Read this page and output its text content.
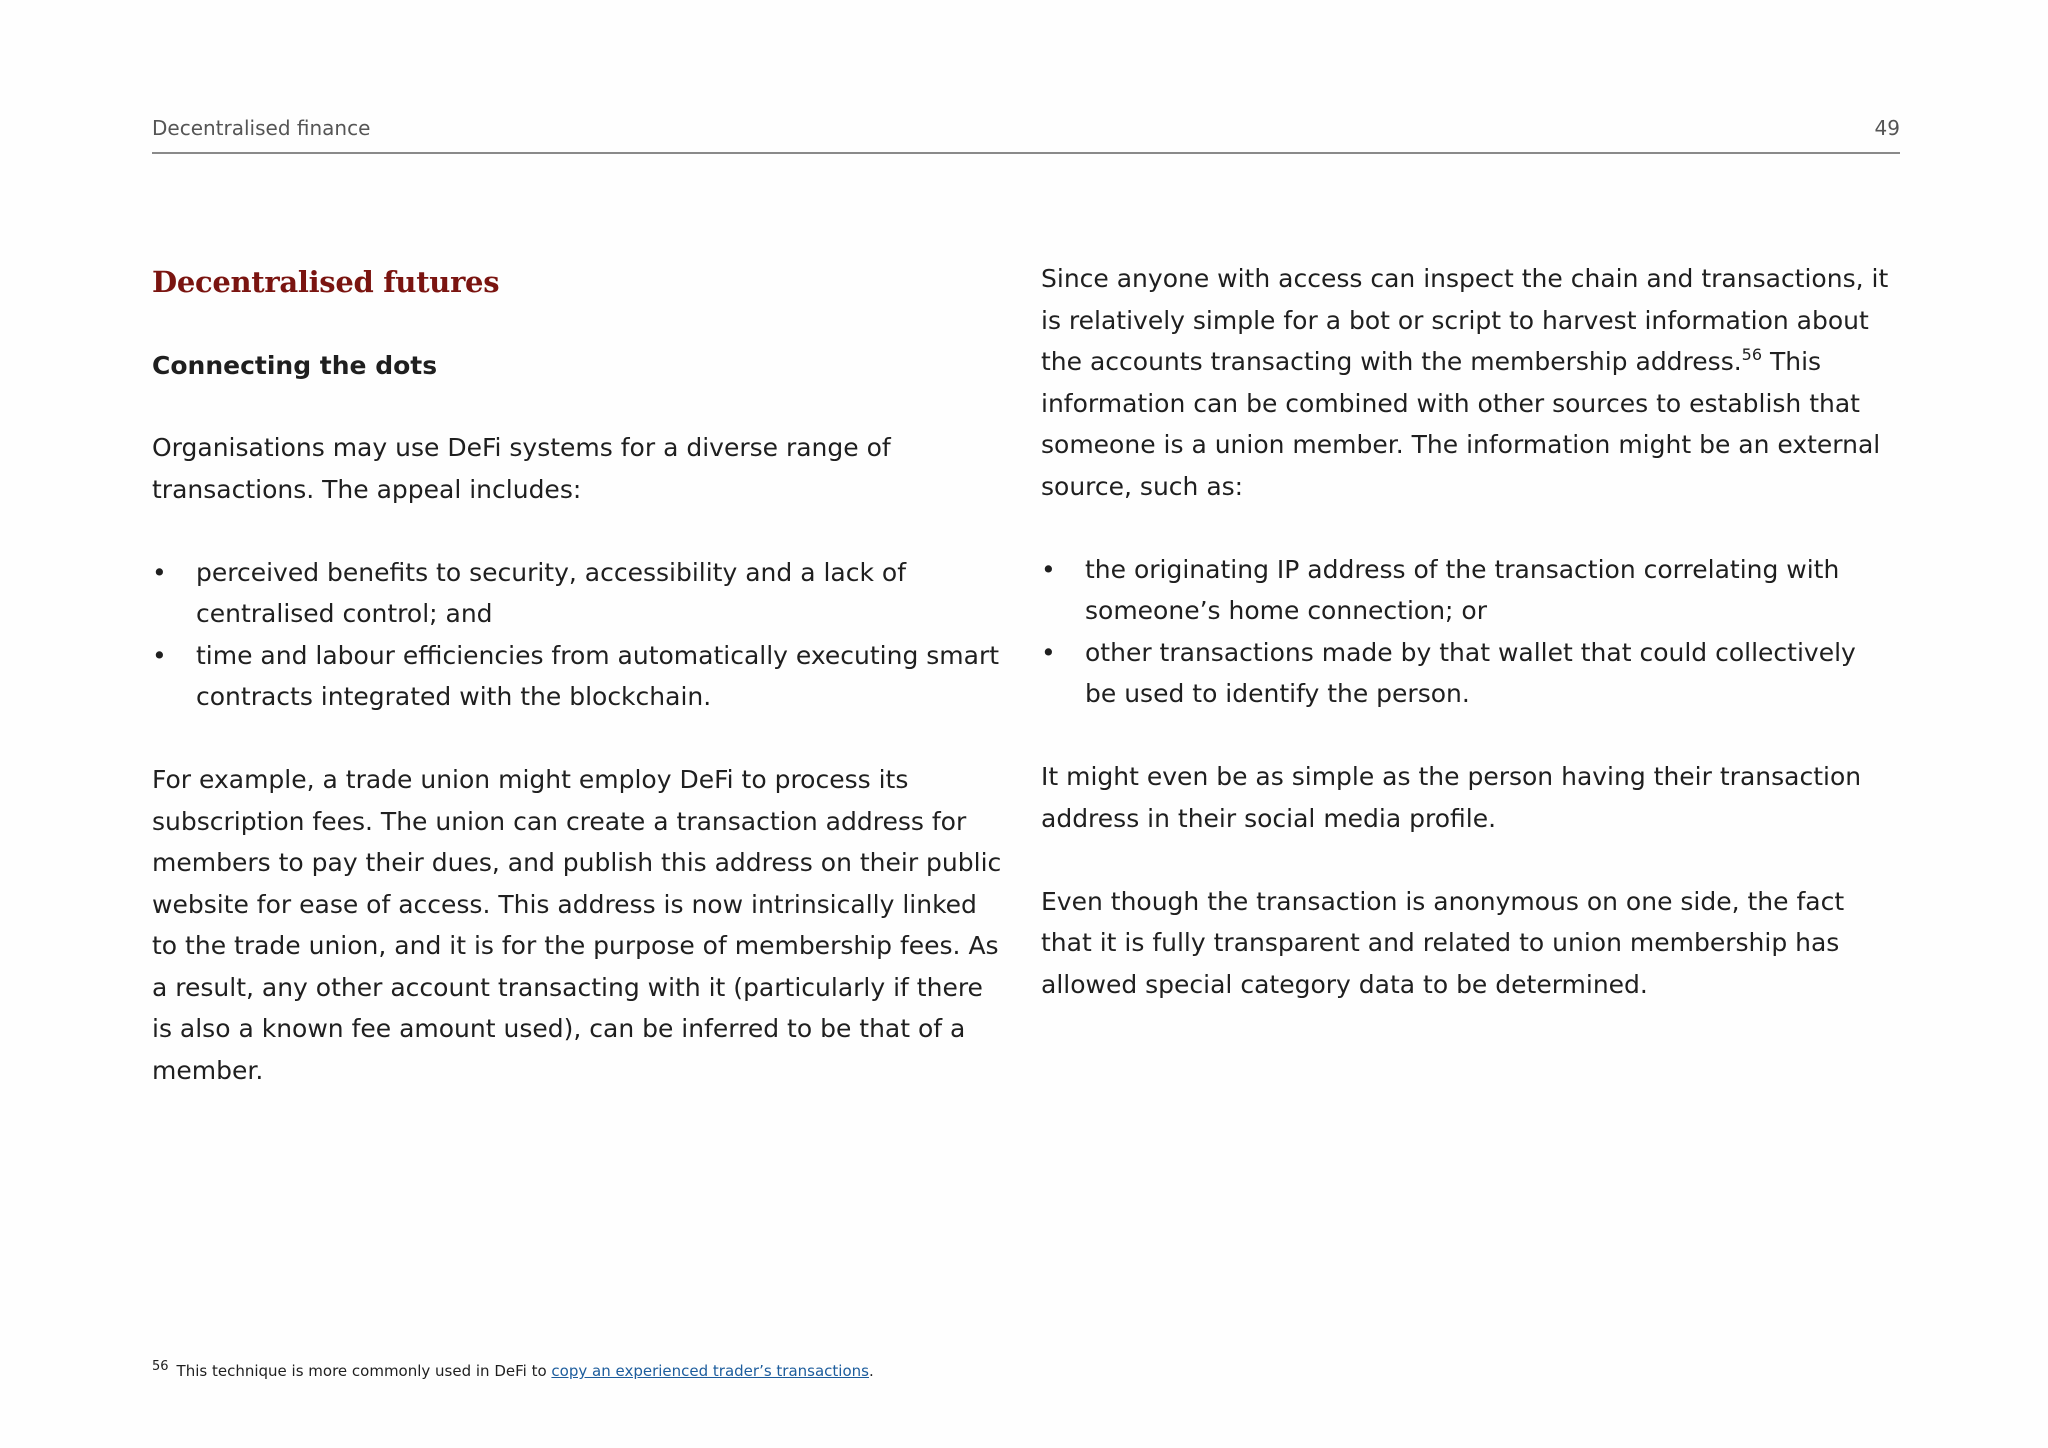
Decentralised finance	49
Decentralised futures
Connecting the dots

Organisations may use DeFi systems for a diverse range of transactions. The appeal includes:

• perceived benefits to security, accessibility and a lack of centralised control; and
• time and labour efficiencies from automatically executing smart contracts integrated with the blockchain.

For example, a trade union might employ DeFi to process its subscription fees. The union can create a transaction address for members to pay their dues, and publish this address on their public website for ease of access. This address is now intrinsically linked to the trade union, and it is for the purpose of membership fees. As a result, any other account transacting with it (particularly if there is also a known fee amount used), can be inferred to be that of a member.

Since anyone with access can inspect the chain and transactions, it is relatively simple for a bot or script to harvest information about the accounts transacting with the membership address.$^{56}$ This information can be combined with other sources to establish that someone is a union member. The information might be an external source, such as:

• the originating IP address of the transaction correlating with someone’s home connection; or
• other transactions made by that wallet that could collectively be used to identify the person.

It might even be as simple as the person having their transaction address in their social media profile.

Even though the transaction is anonymous on one side, the fact that it is fully transparent and related to union membership has allowed special category data to be determined.

$^{56}$ This technique is more commonly used in DeFi to copy an experienced trader’s transactions.
